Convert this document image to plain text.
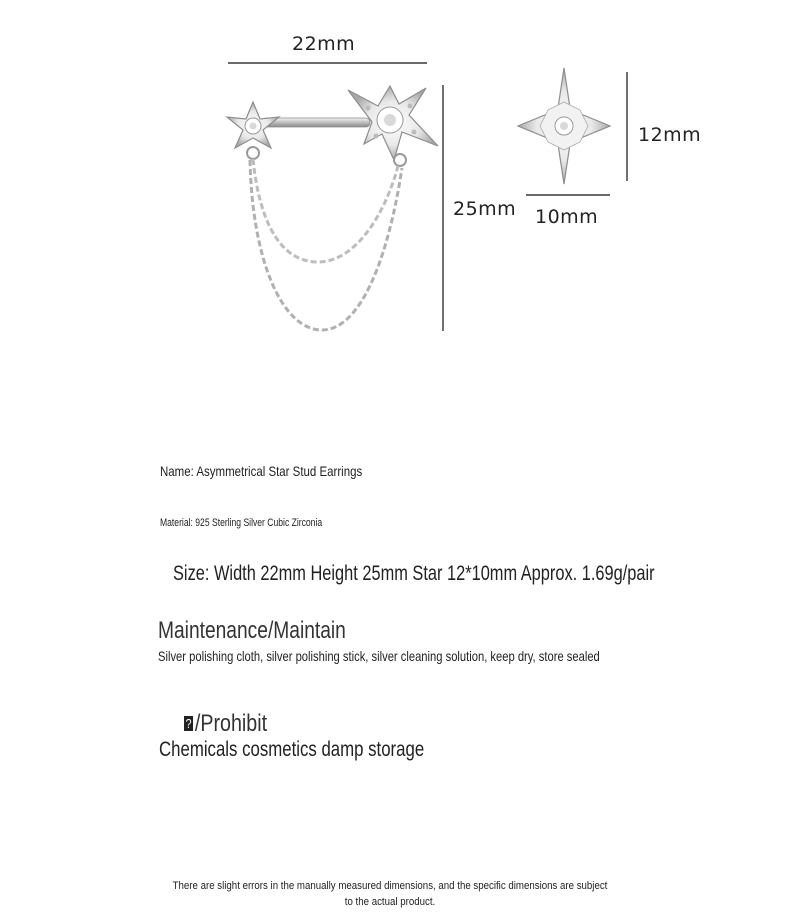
22mm
25mm
12mm
10mm
Name: Asymmetrical Star Stud Earrings
Material: 925 Sterling Silver Cubic Zirconia
Size: Width 22mm Height 25mm Star 12*10mm Approx. 1.69g/pair
Maintenance/Maintain
Silver polishing cloth, silver polishing stick, silver cleaning solution, keep dry, store sealed
? /Prohibit
Chemicals cosmetics damp storage
There are slight errors in the manually measured dimensions, and the specific dimensions are subject to the actual product.
